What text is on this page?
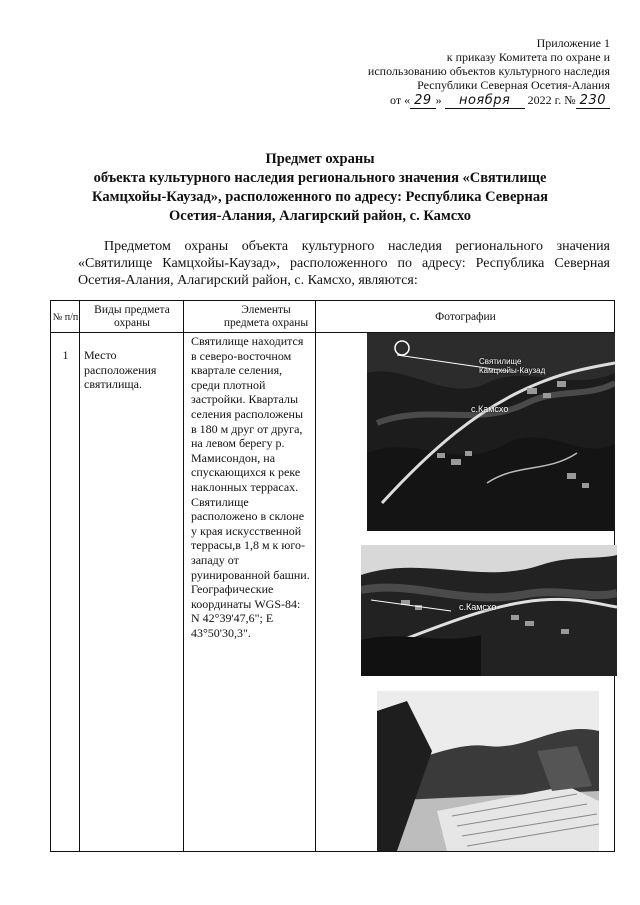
Приложение 1
к приказу Комитета по охране и
использованию объектов культурного наследия
Республики Северная Осетия-Алания
от « 29 » ноября 2022 г. № 230
Предмет охраны
объекта культурного наследия регионального значения «Святилище
Камцхойы-Каузад», расположенного по адресу: Республика Северная
Осетия-Алания, Алагирский район, с. Камсхо
Предметом охраны объекта культурного наследия регионального значения «Святилище Камцхойы-Каузад», расположенного по адресу: Республика Северная Осетия-Алания, Алагирский район, с. Камсхо, являются:
№ п/п
Виды предмета охраны
Элементы предмета охраны
Фотографии
1	Место расположения святилища.
Святилище находится в северо-восточном квартале селения, среди плотной застройки. Кварталы селения расположены в 180 м друг от друга, на левом берегу р. Мамисондон, на спускающихся к реке наклонных террасах. Святилище расположено в склоне у края искусственной террасы,в 1,8 м к юго-западу от руинированной башни. Географические координаты WGS-84: N 42°39'47,6"; E 43°50'30,3".
Святилище
Камцхойы-Каузад
с.Камсхо
с.Камсхо
